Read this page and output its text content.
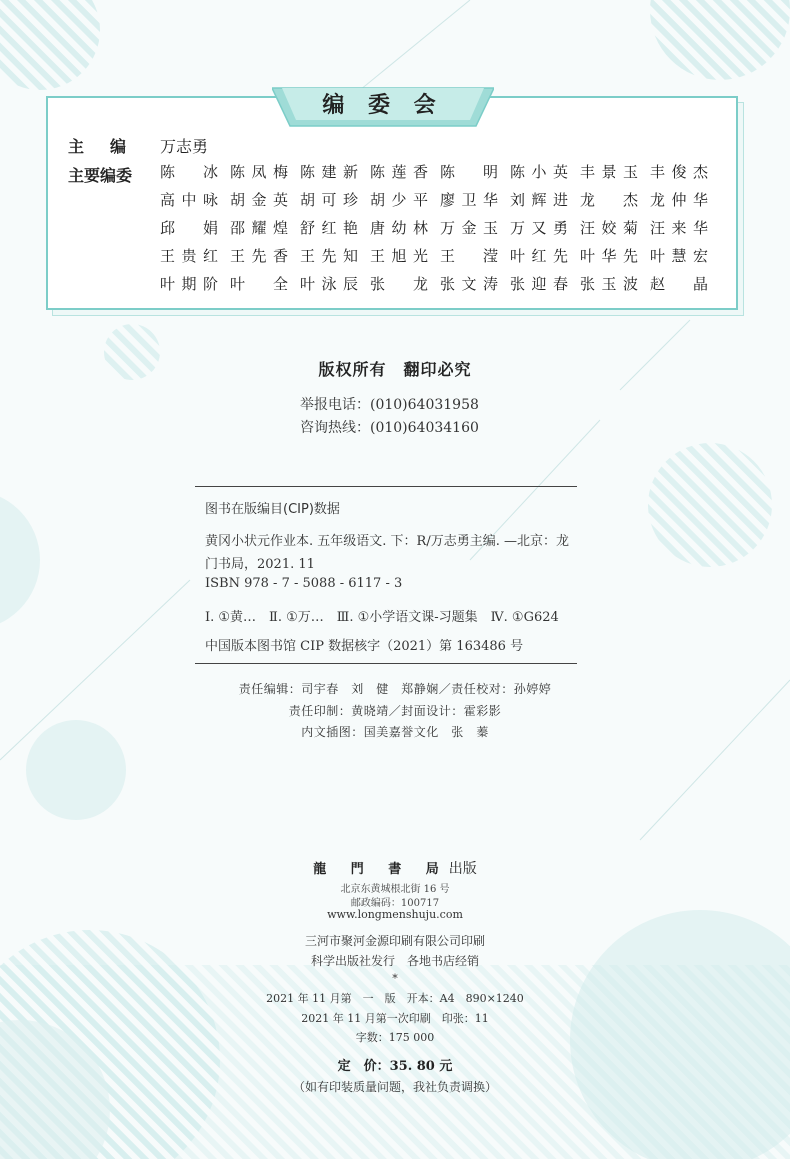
编 委 会
主编 万志勇
主要编委 陈冰 陈凤梅 陈建新 陈莲香 陈明 陈小英 丰景玉 丰俊杰
高中咏 胡金英 胡可珍 胡少平 廖卫华 刘辉进 龙杰 龙仲华
邱娟 邵耀煌 舒红艳 唐幼林 万金玉 万又勇 汪姣菊 汪来华
王贵红 王先香 王先知 王旭光 王滢 叶红先 叶华先 叶慧宏
叶期阶 叶全 叶泳辰 张龙 张文涛 张迎春 张玉波 赵晶
版权所有　翻印必究
举报电话：(010)64031958
咨询热线：(010)64034160
图书在版编目(CIP)数据
黄冈小状元作业本. 五年级语文. 下：R/万志勇主编. —北京：龙
门书局，2021. 11
ISBN 978 - 7 - 5088 - 6117 - 3
Ⅰ. ①黄…　Ⅱ. ①万…　Ⅲ. ①小学语文课-习题集　Ⅳ. ①G624
中国版本图书馆 CIP 数据核字（2021）第 163486 号
责任编辑：司宇春　刘　健　郑静娴／责任校对：孙婷婷
责任印制：黄晓靖／封面设计：霍彩影
内文插图：国美嘉誉文化　张　蓁
龍 門 書 局出版
北京东黄城根北街 16 号
邮政编码：100717
www.longmenshuju.com
三河市聚河金源印刷有限公司印刷
科学出版社发行　各地书店经销
*
2021 年 11 月第　一　版　开本：A4　890×1240
2021 年 11 月第一次印刷　印张：11
字数：175 000
定　价：35. 80 元
（如有印装质量问题，我社负责调换）
